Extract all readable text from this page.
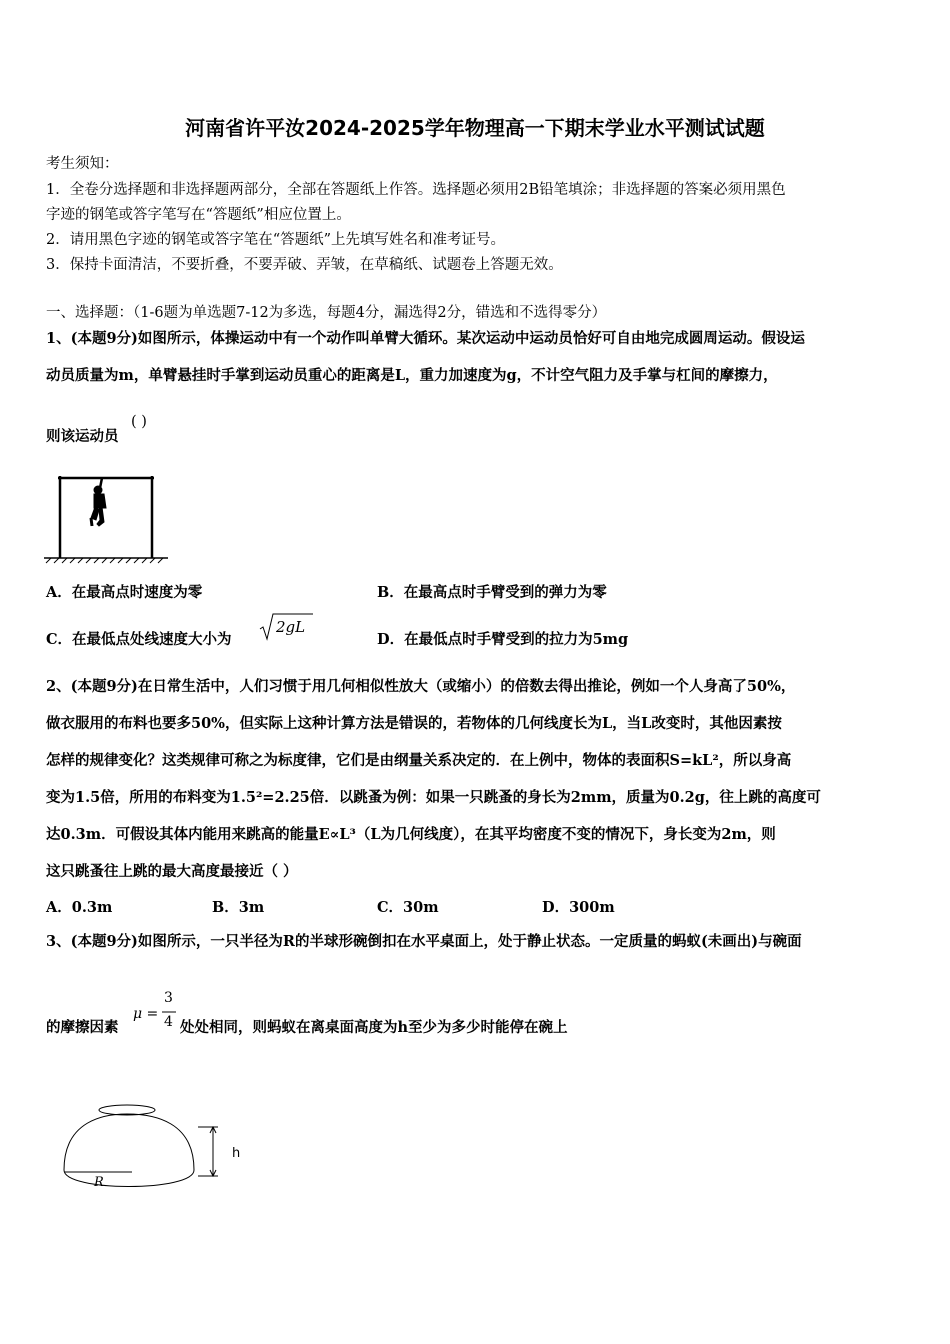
河南省许平汝2024-2025学年物理高一下期末学业水平测试试题
考生须知：
1．全卷分选择题和非选择题两部分，全部在答题纸上作答。选择题必须用2B铅笔填涂；非选择题的答案必须用黑色
字迹的钢笔或答字笔写在“答题纸”相应位置上。
2．请用黑色字迹的钢笔或答字笔在“答题纸”上先填写姓名和准考证号。
3．保持卡面清洁，不要折叠，不要弄破、弄皱，在草稿纸、试题卷上答题无效。
一、选择题：（1-6题为单选题7-12为多选，每题4分，漏选得2分，错选和不选得零分）
1、(本题9分)如图所示，体操运动中有一个动作叫单臂大循环。某次运动中运动员恰好可自由地完成圆周运动。假设运
动员质量为m，单臂悬挂时手掌到运动员重心的距离是L，重力加速度为g，不计空气阻力及手掌与杠间的摩擦力，
则该运动员
( )
A．在最高点时速度为零	B．在最高点时手臂受到的弹力为零
C．在最低点处线速度大小为
2gL
D．在最低点时手臂受到的拉力为5mg
2、(本题9分)在日常生活中，人们习惯于用几何相似性放大（或缩小）的倍数去得出推论，例如一个人身高了50%，
做衣服用的布料也要多50%，但实际上这种计算方法是错误的，若物体的几何线度长为L，当L改变时，其他因素按
怎样的规律变化？这类规律可称之为标度律，它们是由纲量关系决定的．在上例中，物体的表面积S=kL²，所以身高
变为1.5倍，所用的布料变为1.5²=2.25倍．以跳蚤为例：如果一只跳蚤的身长为2mm，质量为0.2g，往上跳的高度可
达0.3m．可假设其体内能用来跳高的能量E∝L³（L为几何线度），在其平均密度不变的情况下，身长变为2m，则
这只跳蚤往上跳的最大高度最接近（ ）
A．0.3m	B．3m	C．30m	D．300m
3、(本题9分)如图所示，一只半径为R的半球形碗倒扣在水平桌面上，处于静止状态。一定质量的蚂蚁(未画出)与碗面
的摩擦因素
μ =
3
4 处处相同，则蚂蚁在离桌面高度为h至少为多少时能停在碗上
h
R
